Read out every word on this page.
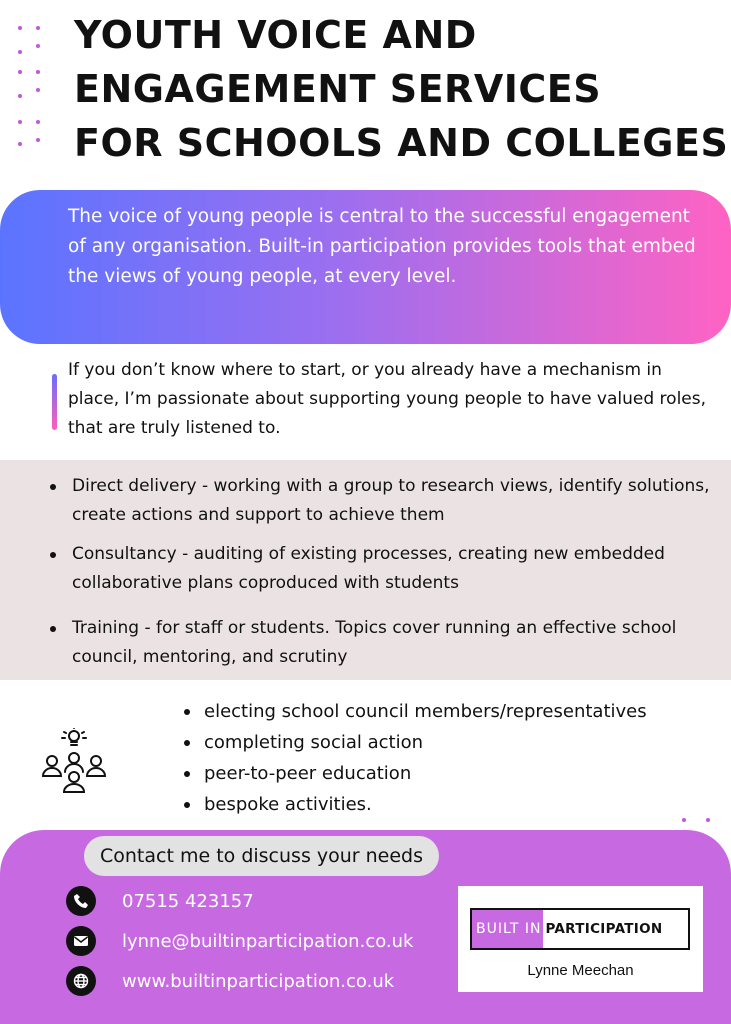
YOUTH VOICE AND
ENGAGEMENT SERVICES
FOR SCHOOLS AND COLLEGES

The voice of young people is central to the successful engagement of any organisation. Built-in participation provides tools that embed the views of young people, at every level.

If you don’t know where to start, or you already have a mechanism in place, I’m passionate about supporting young people to have valued roles, that are truly listened to.

Direct delivery - working with a group to research views, identify solutions, create actions and support to achieve them
Consultancy - auditing of existing processes, creating new embedded collaborative plans coproduced with students
Training - for staff or students. Topics cover running an effective school council, mentoring, and scrutiny
electing school council members/representatives
completing social action
peer-to-peer education
bespoke activities.
Contact me to discuss your needs
07515 423157
lynne@builtinparticipation.co.uk
www.builtinparticipation.co.uk
BUILT IN PARTICIPATION
Lynne Meechan
